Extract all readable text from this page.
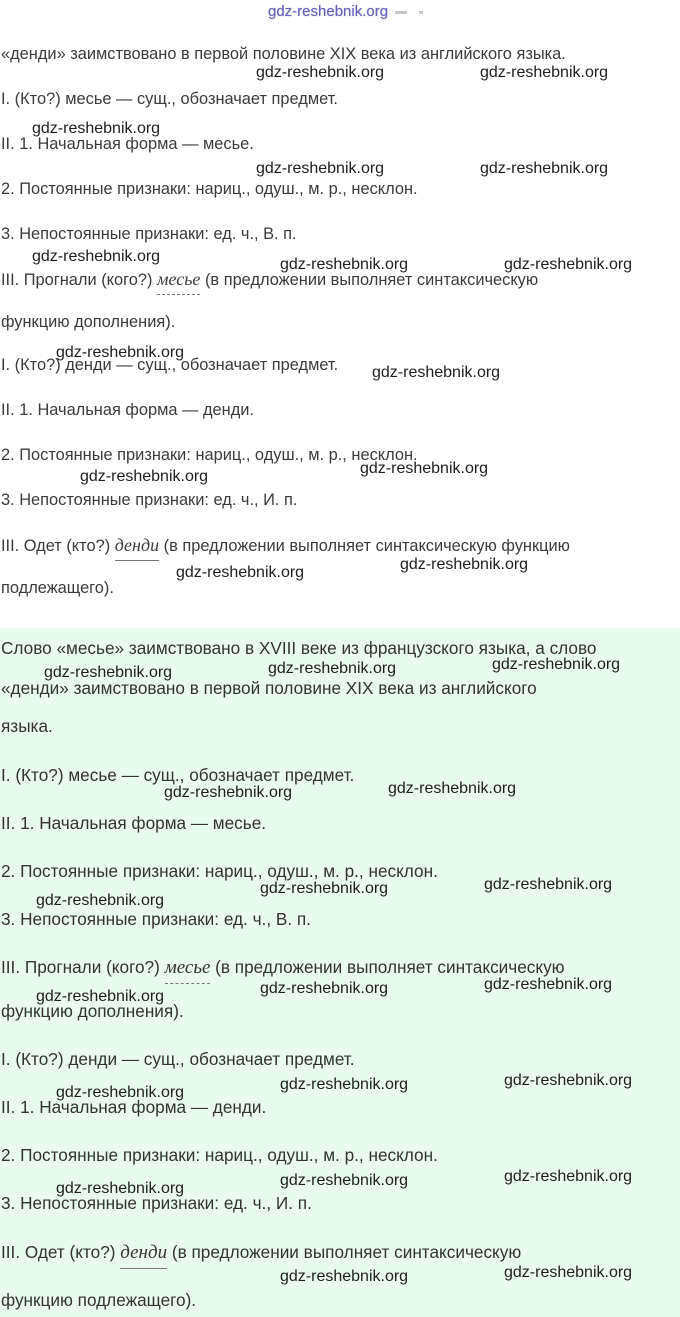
«денди» заимствовано в первой половине XIX века из английского языка.
I. (Кто?) месье — сущ., обозначает предмет.
II. 1. Начальная форма — месье.
2. Постоянные признаки: нариц., одуш., м. р., несклон.
3. Непостоянные признаки: ед. ч., В. п.
III. Прогнали (кого?) месье
(в предложении выполняет синтаксическую
функцию дополнения).
I. (Кто?) денди — сущ., обозначает предмет.
II. 1. Начальная форма — денди.
2. Постоянные признаки: нариц., одуш., м. р., несклон.
3. Непостоянные признаки: ед. ч., И. п.
III. Одет (кто?) денди
(в предложении выполняет синтаксическую функцию
подлежащего).
gdz-reshebnik.org
gdz-reshebnik.org	gdz-reshebnik.org
gdz-reshebnik.org
gdz-reshebnik.org	gdz-reshebnik.org
gdz-reshebnik.org	gdz-reshebnik.org	gdz-reshebnik.org
gdz-reshebnik.org
gdz-reshebnik.org
gdz-reshebnik.org
gdz-reshebnik.org
gdz-reshebnik.org
gdz-reshebnik.org
Слово «месье» заимствовано в XVIII веке из французского языка, а слово
«денди» заимствовано в первой половине XIX века из английского
языка.
I. (Кто?) месье — сущ., обозначает предмет.
II. 1. Начальная форма — месье.
2. Постоянные признаки: нариц., одуш., м. р., несклон.
3. Непостоянные признаки: ед. ч., В. п.
III. Прогнали (кого?) месье
(в предложении выполняет синтаксическую
функцию дополнения).
I. (Кто?) денди — сущ., обозначает предмет.
II. 1. Начальная форма — денди.
2. Постоянные признаки: нариц., одуш., м. р., несклон.
3. Непостоянные признаки: ед. ч., И. п.
III. Одет (кто?) денди
(в предложении выполняет синтаксическую
функцию подлежащего).
gdz-reshebnik.org
gdz-reshebnik.org
gdz-reshebnik.org
gdz-reshebnik.org
gdz-reshebnik.org
gdz-reshebnik.org
gdz-reshebnik.org
gdz-reshebnik.org
gdz-reshebnik.org
gdz-reshebnik.org
gdz-reshebnik.org
gdz-reshebnik.org
gdz-reshebnik.org
gdz-reshebnik.org
gdz-reshebnik.org
gdz-reshebnik.org
gdz-reshebnik.org
gdz-reshebnik.org
gdz-reshebnik.org
